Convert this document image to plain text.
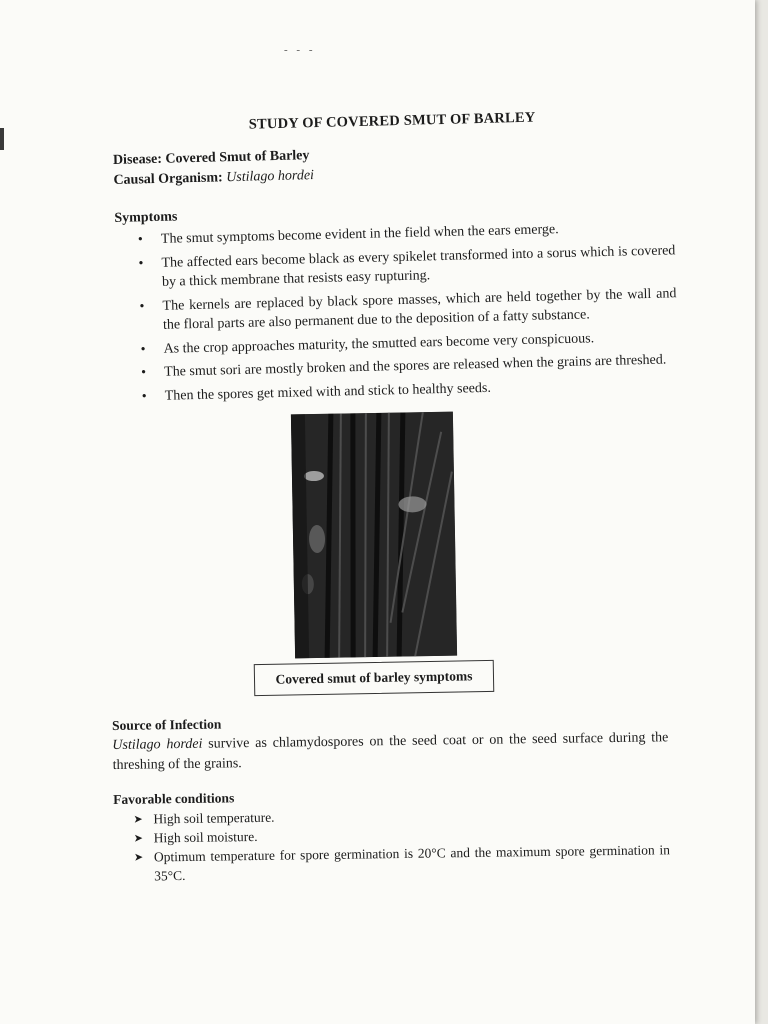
- - -

STUDY OF COVERED SMUT OF BARLEY

Disease: Covered Smut of Barley

Causal Organism: Ustilago hordei

Symptoms

• The smut symptoms become evident in the field when the ears emerge.
• The affected ears become black as every spikelet transformed into a sorus which is covered by a thick membrane that resists easy rupturing.
• The kernels are replaced by black spore masses, which are held together by the wall and the floral parts are also permanent due to the deposition of a fatty substance.
• As the crop approaches maturity, the smutted ears become very conspicuous.
• The smut sori are mostly broken and the spores are released when the grains are threshed.
• Then the spores get mixed with and stick to healthy seeds.
Covered smut of barley symptoms

Source of Infection

Ustilago hordei survive as chlamydospores on the seed coat or on the seed surface during the threshing of the grains.

Favorable conditions

➤ High soil temperature.
➤ High soil moisture.
➤ Optimum temperature for spore germination is 20°C and the maximum spore germination in 35°C.
